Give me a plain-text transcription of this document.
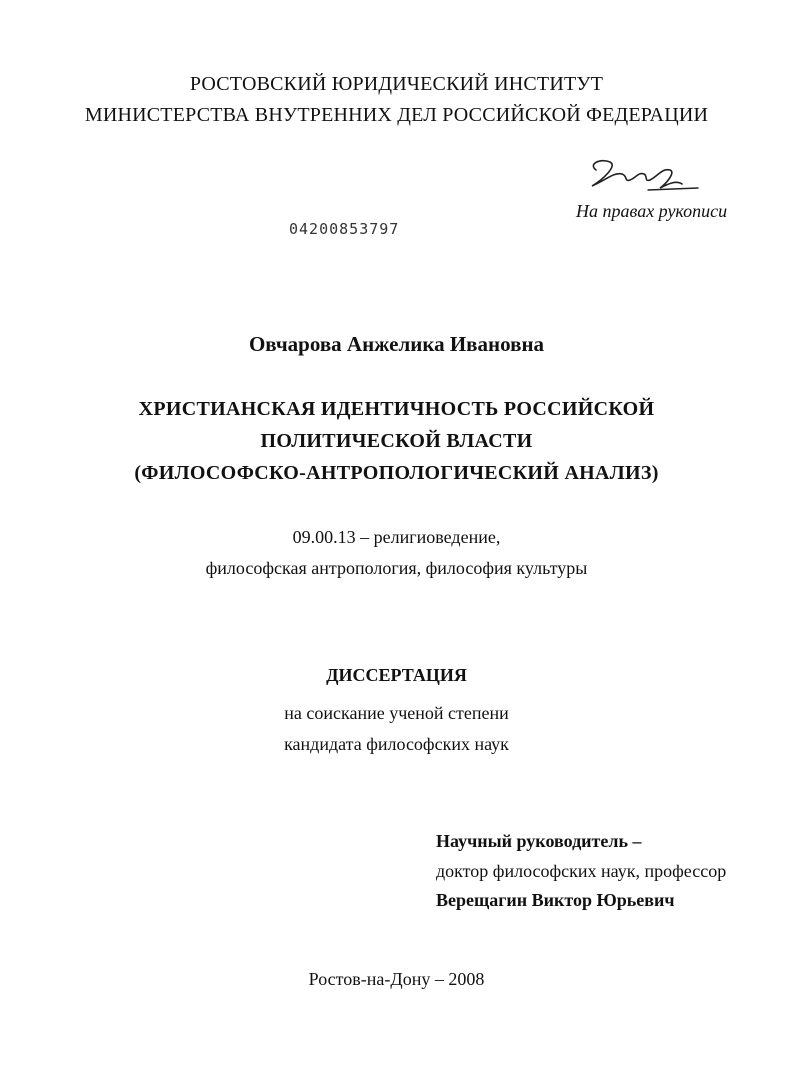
РОСТОВСКИЙ ЮРИДИЧЕСКИЙ ИНСТИТУТ
МИНИСТЕРСТВА ВНУТРЕННИХ ДЕЛ РОССИЙСКОЙ ФЕДЕРАЦИИ
На правах рукописи
04200853797
Овчарова Анжелика Ивановна
ХРИСТИАНСКАЯ ИДЕНТИЧНОСТЬ РОССИЙСКОЙ
ПОЛИТИЧЕСКОЙ ВЛАСТИ
(ФИЛОСОФСКО-АНТРОПОЛОГИЧЕСКИЙ АНАЛИЗ)
09.00.13 – религиоведение,
философская антропология, философия культуры
ДИССЕРТАЦИЯ
на соискание ученой степени
кандидата философских наук
Научный руководитель –
доктор философских наук, профессор
Верещагин Виктор Юрьевич
Ростов-на-Дону – 2008
